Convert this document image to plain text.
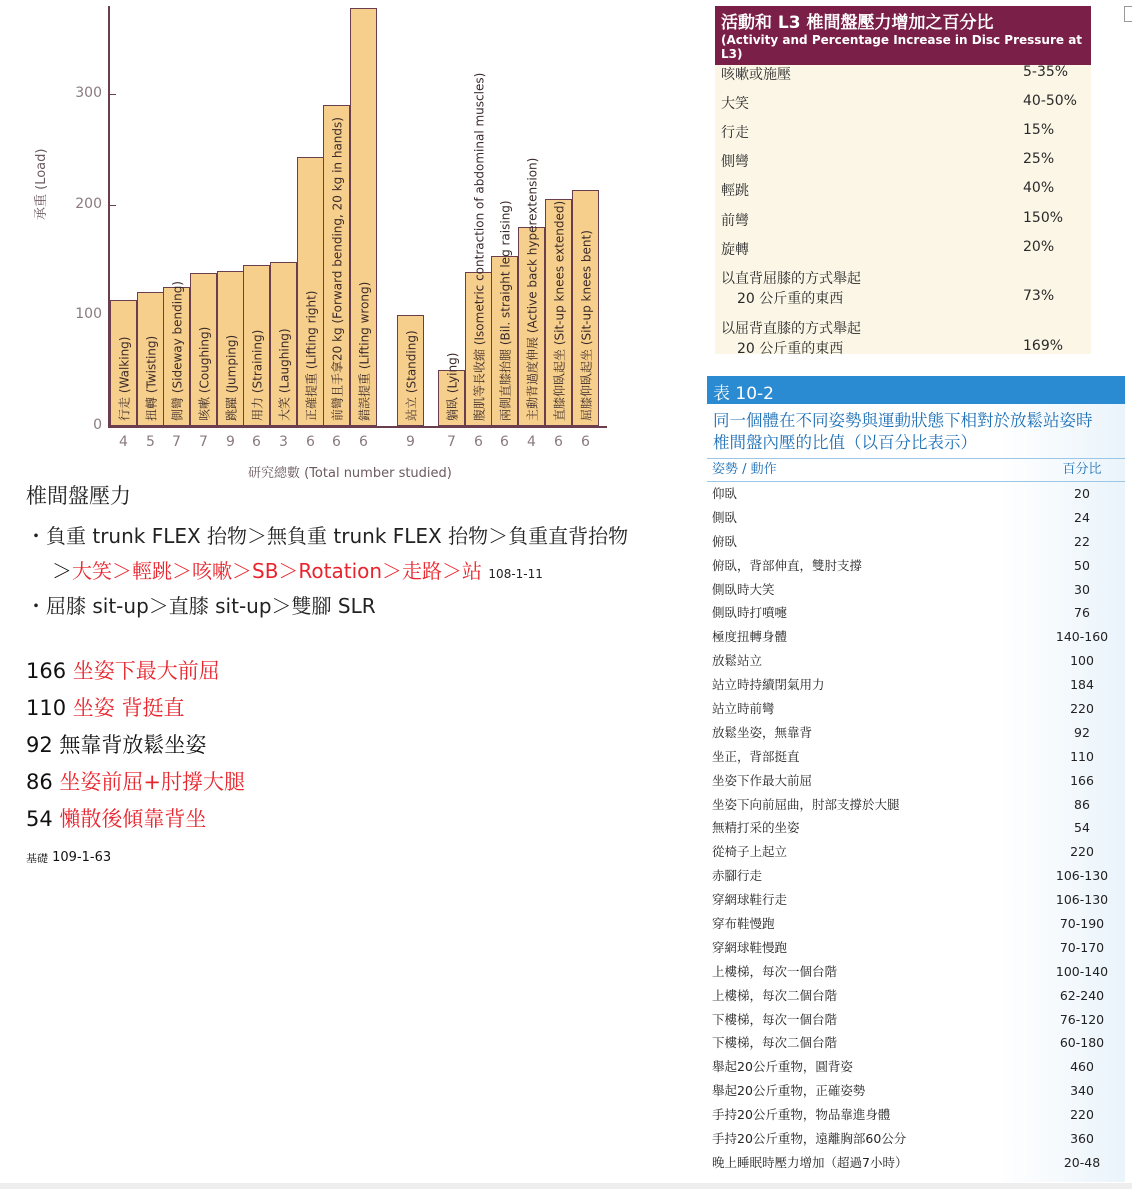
承重 (Load)
0
100
200
300
行走 (Walking)
4
扭轉 (Twisting)
5
側彎 (Sideway bending)
7
咳嗽 (Coughing)
7
跳躍 (Jumping)
9
用力 (Straining)
6
大笑 (Laughing)
3
正確提重 (Lifting right)
6
前彎且手拿20 kg (Forward bending, 20 kg in hands)
6
錯誤提重 (Lifting wrong)
6
站立 (Standing)
9
躺臥 (Lying)
7
腹肌等長收縮 (Isometric contraction of abdominal muscles)
6
兩側直膝抬腿 (Bil. straight leg raising)
6
主動背過度伸展 (Active back hyperextension)
4
直膝仰臥起坐 (Sit-up knees extended)
6
屈膝仰臥起坐 (Sit-up knees bent)
6
研究總數 (Total number studied)
椎間盤壓力
・負重 trunk FLEX 抬物＞無負重 trunk FLEX 抬物＞負重直背抬物
＞大笑＞輕跳＞咳嗽＞SB＞Rotation＞走路＞站 108-1-11
・屈膝 sit-up＞直膝 sit-up＞雙腳 SLR
166 坐姿下最大前屈
110 坐姿 背挺直
92 無靠背放鬆坐姿
86 坐姿前屈+肘撐大腿
54 懶散後傾靠背坐
$^{基礎}$ 109-1-63
活動和 L3 椎間盤壓力增加之百分比
(Activity and Percentage Increase in Disc Pressure at L3)
咳嗽或施壓	5-35%
大笑	40-50%
行走	15%
側彎	25%
輕跳	40%
前彎	150%
旋轉	20%
以直背屈膝的方式舉起
20 公斤重的東西	73%
以屈背直膝的方式舉起
20 公斤重的東西	169%
表 10-2
同一個體在不同姿勢與運動狀態下相對於放鬆站姿時
椎間盤內壓的比值（以百分比表示）
姿勢 / 動作	百分比
仰臥	20
側臥	24
俯臥	22
俯臥，背部伸直，雙肘支撐	50
側臥時大笑	30
側臥時打噴嚏	76
極度扭轉身體	140-160
放鬆站立	100
站立時持續閉氣用力	184
站立時前彎	220
放鬆坐姿，無靠背	92
坐正，背部挺直	110
坐姿下作最大前屈	166
坐姿下向前屈曲，肘部支撐於大腿	86
無精打采的坐姿	54
從椅子上起立	220
赤腳行走	106-130
穿網球鞋行走	106-130
穿布鞋慢跑	70-190
穿網球鞋慢跑	70-170
上樓梯，每次一個台階	100-140
上樓梯，每次二個台階	62-240
下樓梯，每次一個台階	76-120
下樓梯，每次二個台階	60-180
舉起20公斤重物，圓背姿	460
舉起20公斤重物，正確姿勢	340
手持20公斤重物，物品靠進身體	220
手持20公斤重物，遠離胸部60公分	360
晚上睡眠時壓力增加（超過7小時）	20-48
